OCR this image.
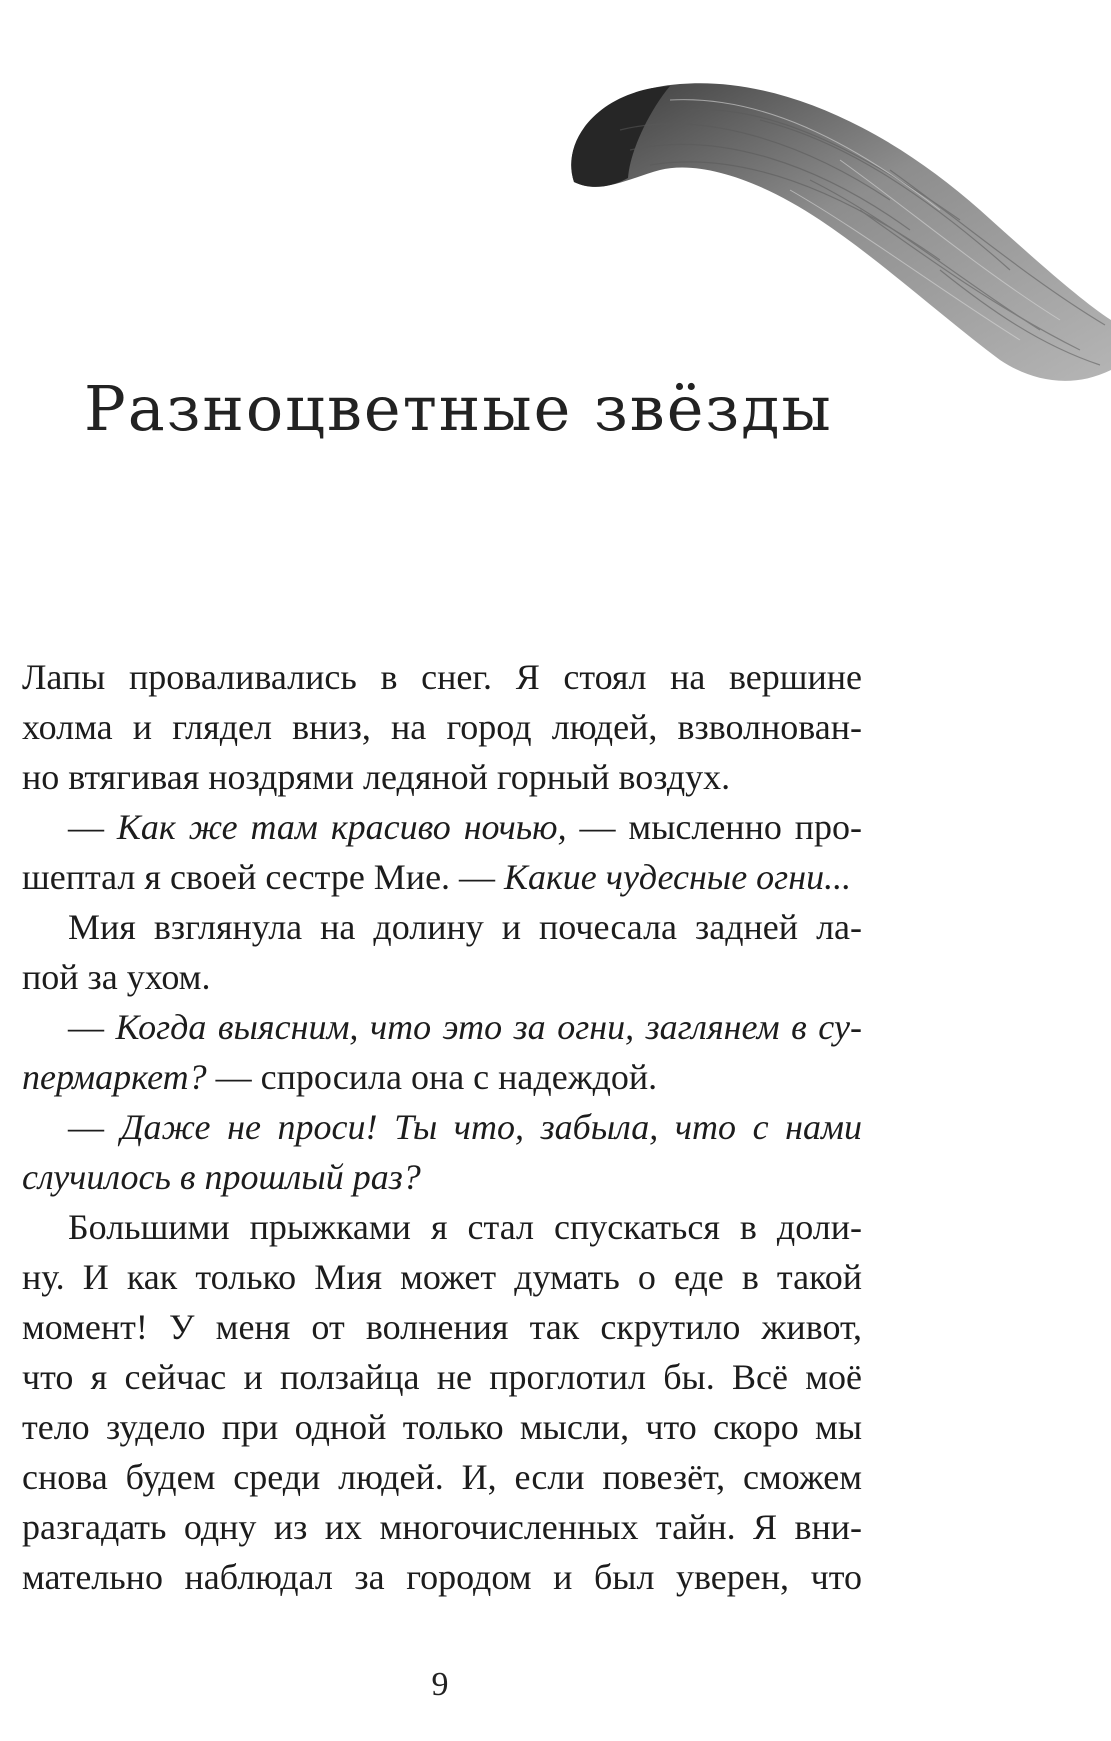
Разноцветные звёзды

Лапы проваливались в снег. Я стоял на вершине

холма и глядел вниз, на город людей, взволнован-

но втягивая ноздрями ледяной горный воздух.

— Как же там красиво ночью, — мысленно про-

шептал я своей сестре Мие. — Какие чудесные огни...

Мия взглянула на долину и почесала задней ла-

пой за ухом.

— Когда выясним, что это за огни, заглянем в су-

пермаркет? — спросила она с надеждой.

— Даже не проси! Ты что, забыла, что с нами

случилось в прошлый раз?

Большими прыжками я стал спускаться в доли-

ну. И как только Мия может думать о еде в такой

момент! У меня от волнения так скрутило живот,

что я сейчас и ползайца не проглотил бы. Всё моё

тело зудело при одной только мысли, что скоро мы

снова будем среди людей. И, если повезёт, сможем

разгадать одну из их многочисленных тайн. Я вни-

мательно наблюдал за городом и был уверен, что

9
